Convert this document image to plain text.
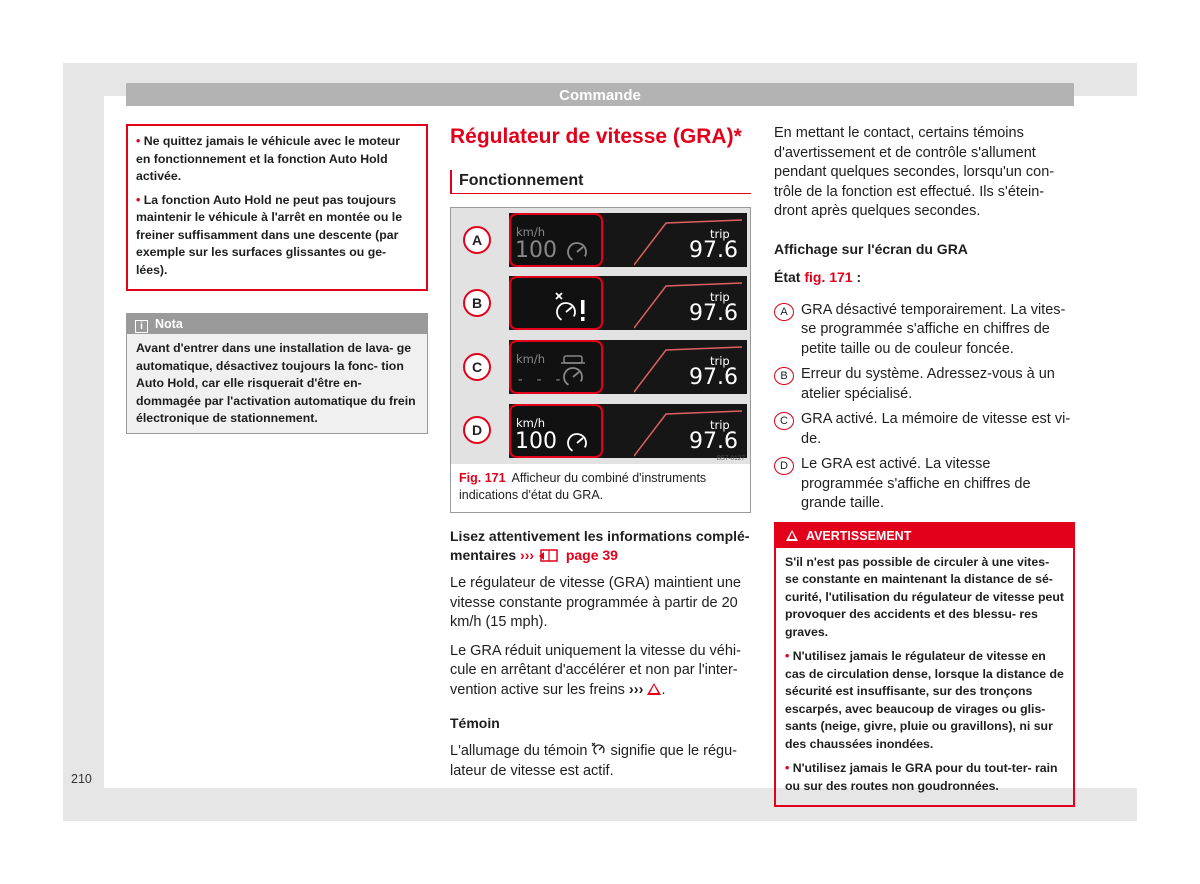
Commande

• Ne quittez jamais le véhicule avec le moteur en fonctionnement et la fonction Auto Hold activée.

• La fonction Auto Hold ne peut pas toujours maintenir le véhicule à l'arrêt en montée ou le freiner suffisamment dans une descente (par exemple sur les surfaces glissantes ou ge- lées).

i Nota
Avant d'entrer dans une installation de lava- ge automatique, désactivez toujours la fonc- tion Auto Hold, car elle risquerait d'être en- dommagée par l'activation automatique du frein électronique de stationnement.
Régulateur de vitesse (GRA)*
Fonctionnement
A	km/h
100
trip
97.6
B	trip
97.6
C	km/h
- - -
trip
97.6
D	km/h
100
trip
97.6
B57-0127
Fig. 171 Afficheur du combiné d'instruments indications d'état du GRA.

Lisez attentivement les informations complé- mentaires ››› page 39

Le régulateur de vitesse (GRA) maintient une vitesse constante programmée à partir de 20 km/h (15 mph).

Le GRA réduit uniquement la vitesse du véhi- cule en arrêtant d'accélérer et non par l'inter- vention active sur les freins ››› .

Témoin

L'allumage du témoin signifie que le régu- lateur de vitesse est actif.

En mettant le contact, certains témoins d'avertissement et de contrôle s'allument pendant quelques secondes, lorsqu'un con- trôle de la fonction est effectué. Ils s'étein- dront après quelques secondes.

Affichage sur l'écran du GRA

État fig. 171 :

A GRA désactivé temporairement. La vites- se programmée s'affiche en chiffres de petite taille ou de couleur foncée.
B Erreur du système. Adressez-vous à un atelier spécialisé.
C GRA activé. La mémoire de vitesse est vi- de.
D Le GRA est activé. La vitesse programmée s'affiche en chiffres de grande taille.
AVERTISSEMENT

S'il n'est pas possible de circuler à une vites- se constante en maintenant la distance de sé- curité, l'utilisation du régulateur de vitesse peut provoquer des accidents et des blessu- res graves.

• N'utilisez jamais le régulateur de vitesse en cas de circulation dense, lorsque la distance de sécurité est insuffisante, sur des tronçons escarpés, avec beaucoup de virages ou glis- sants (neige, givre, pluie ou gravillons), ni sur des chaussées inondées.

• N'utilisez jamais le GRA pour du tout-ter- rain ou sur des routes non goudronnées.

210
